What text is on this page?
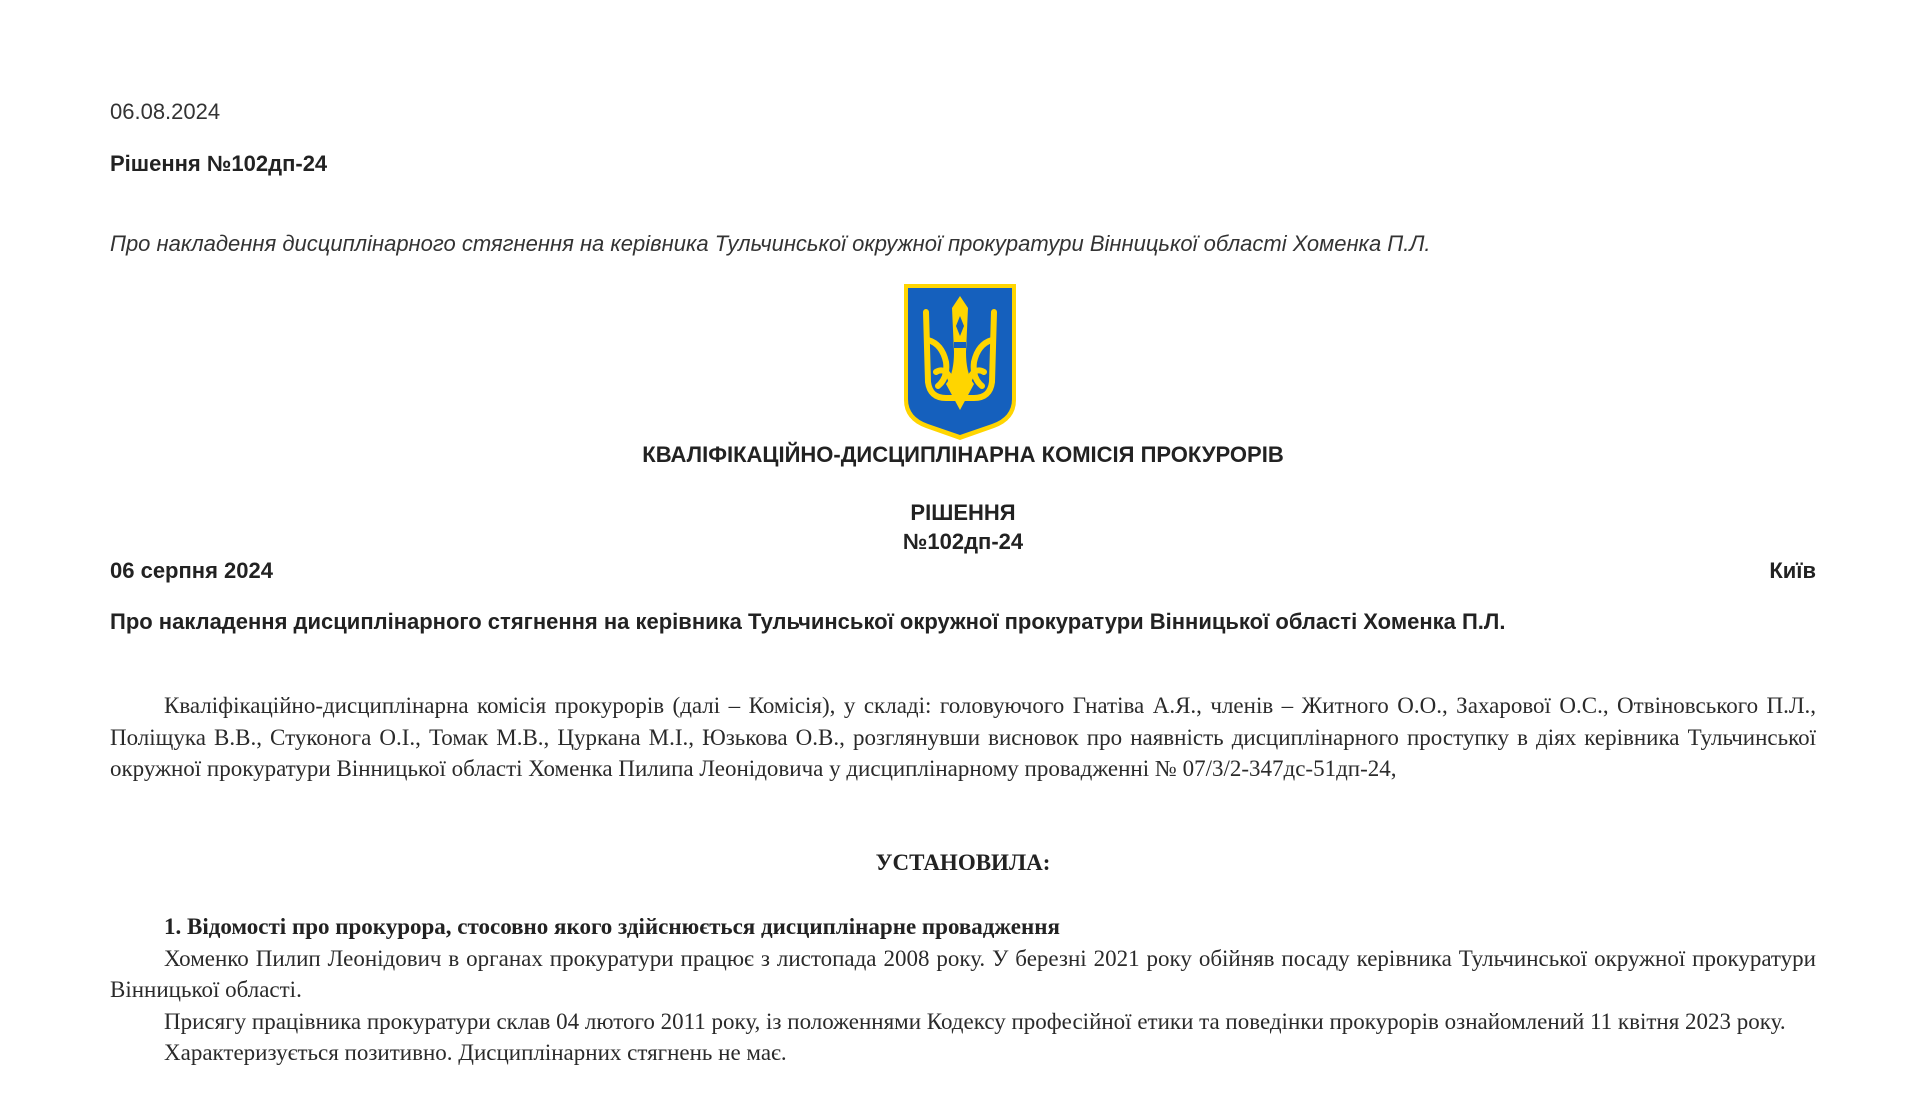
06.08.2024
Рішення №102дп-24
Про накладення дисциплінарного стягнення на керівника Тульчинської окружної прокуратури Вінницької області Хоменка П.Л.
КВАЛІФІКАЦІЙНО-ДИСЦИПЛІНАРНА КОМІСІЯ ПРОКУРОРІВ
РІШЕННЯ
№102дп-24
06 серпня 2024	Київ
Про накладення дисциплінарного стягнення на керівника Тульчинської окружної прокуратури Вінницької області Хоменка П.Л.

Кваліфікаційно-дисциплінарна комісія прокурорів (далі – Комісія), у складі: головуючого Гнатіва А.Я., членів – Житного О.О., Захарової О.С., Отвіновського П.Л., Поліщука В.В., Стуконога О.І., Томак М.В., Цуркана М.І., Юзькова О.В., розглянувши висновок про наявність дисциплінарного проступку в діях керівника Тульчинської окружної прокуратури Вінницької області Хоменка Пилипа Леонідовича у дисциплінарному провадженні № 07/3/2-347дс-51дп-24,

УСТАНОВИЛА:

1. Відомості про прокурора, стосовно якого здійснюється дисциплінарне провадження

Хоменко Пилип Леонідович в органах прокуратури працює з листопада 2008 року. У березні 2021 року обійняв посаду керівника Тульчинської окружної прокуратури Вінницької області.

Присягу працівника прокуратури склав 04 лютого 2011 року, із положеннями Кодексу професійної етики та поведінки прокурорів ознайомлений 11 квітня 2023 року.

Характеризується позитивно. Дисциплінарних стягнень не має.
